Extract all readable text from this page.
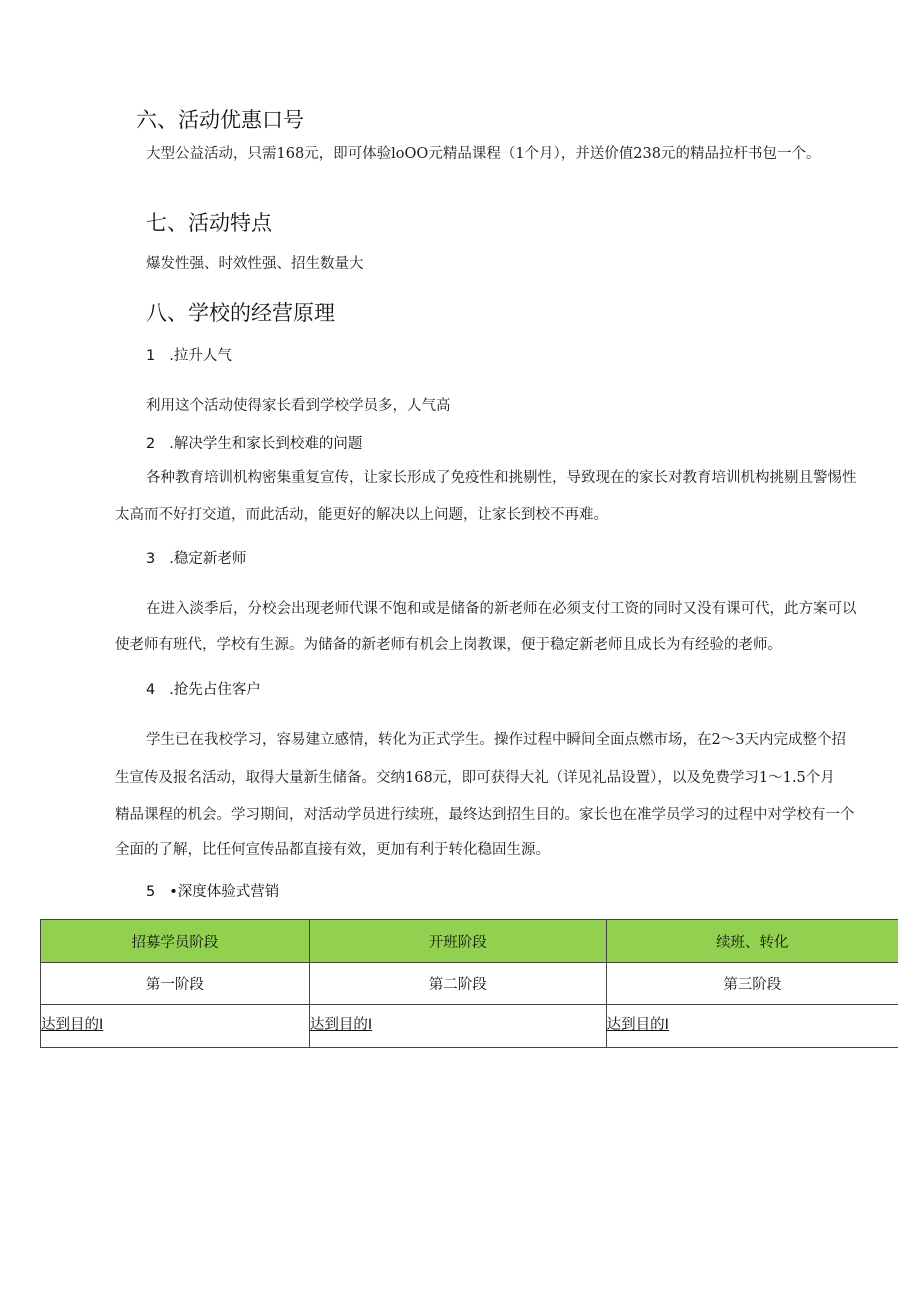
六、活动优惠口号
大型公益活动，只需168元，即可体验loOO元精品课程（1个月），并送价值238元的精品拉杆书包一个。
七、活动特点
爆发性强、时效性强、招生数量大
八、学校的经营原理
1 .拉升人气
利用这个活动使得家长看到学校学员多，人气高
2 .解决学生和家长到校难的问题
各种教育培训机构密集重复宣传，让家长形成了免疫性和挑剔性，导致现在的家长对教育培训机构挑剔且警惕性
太高而不好打交道，而此活动，能更好的解决以上问题，让家长到校不再难。
3 .稳定新老师
在进入淡季后，分校会出现老师代课不饱和或是储备的新老师在必须支付工资的同时又没有课可代，此方案可以
使老师有班代，学校有生源。为储备的新老师有机会上岗教课，便于稳定新老师且成长为有经验的老师。
4 .抢先占住客户
学生已在我校学习，容易建立感情，转化为正式学生。操作过程中瞬间全面点燃市场，在2〜3天内完成整个招
生宣传及报名活动，取得大量新生储备。交纳168元，即可获得大礼（详见礼品设置），以及免费学习1〜1.5个月
精品课程的机会。学习期间，对活动学员进行续班，最终达到招生目的。家长也在准学员学习的过程中对学校有一个
全面的了解，比任何宣传品都直接有效，更加有利于转化稳固生源。
5 •深度体验式营销
招募学员阶段	开班阶段	续班、转化
第一阶段	第二阶段	第三阶段
达到目的I	达到目的I	达到目的I
